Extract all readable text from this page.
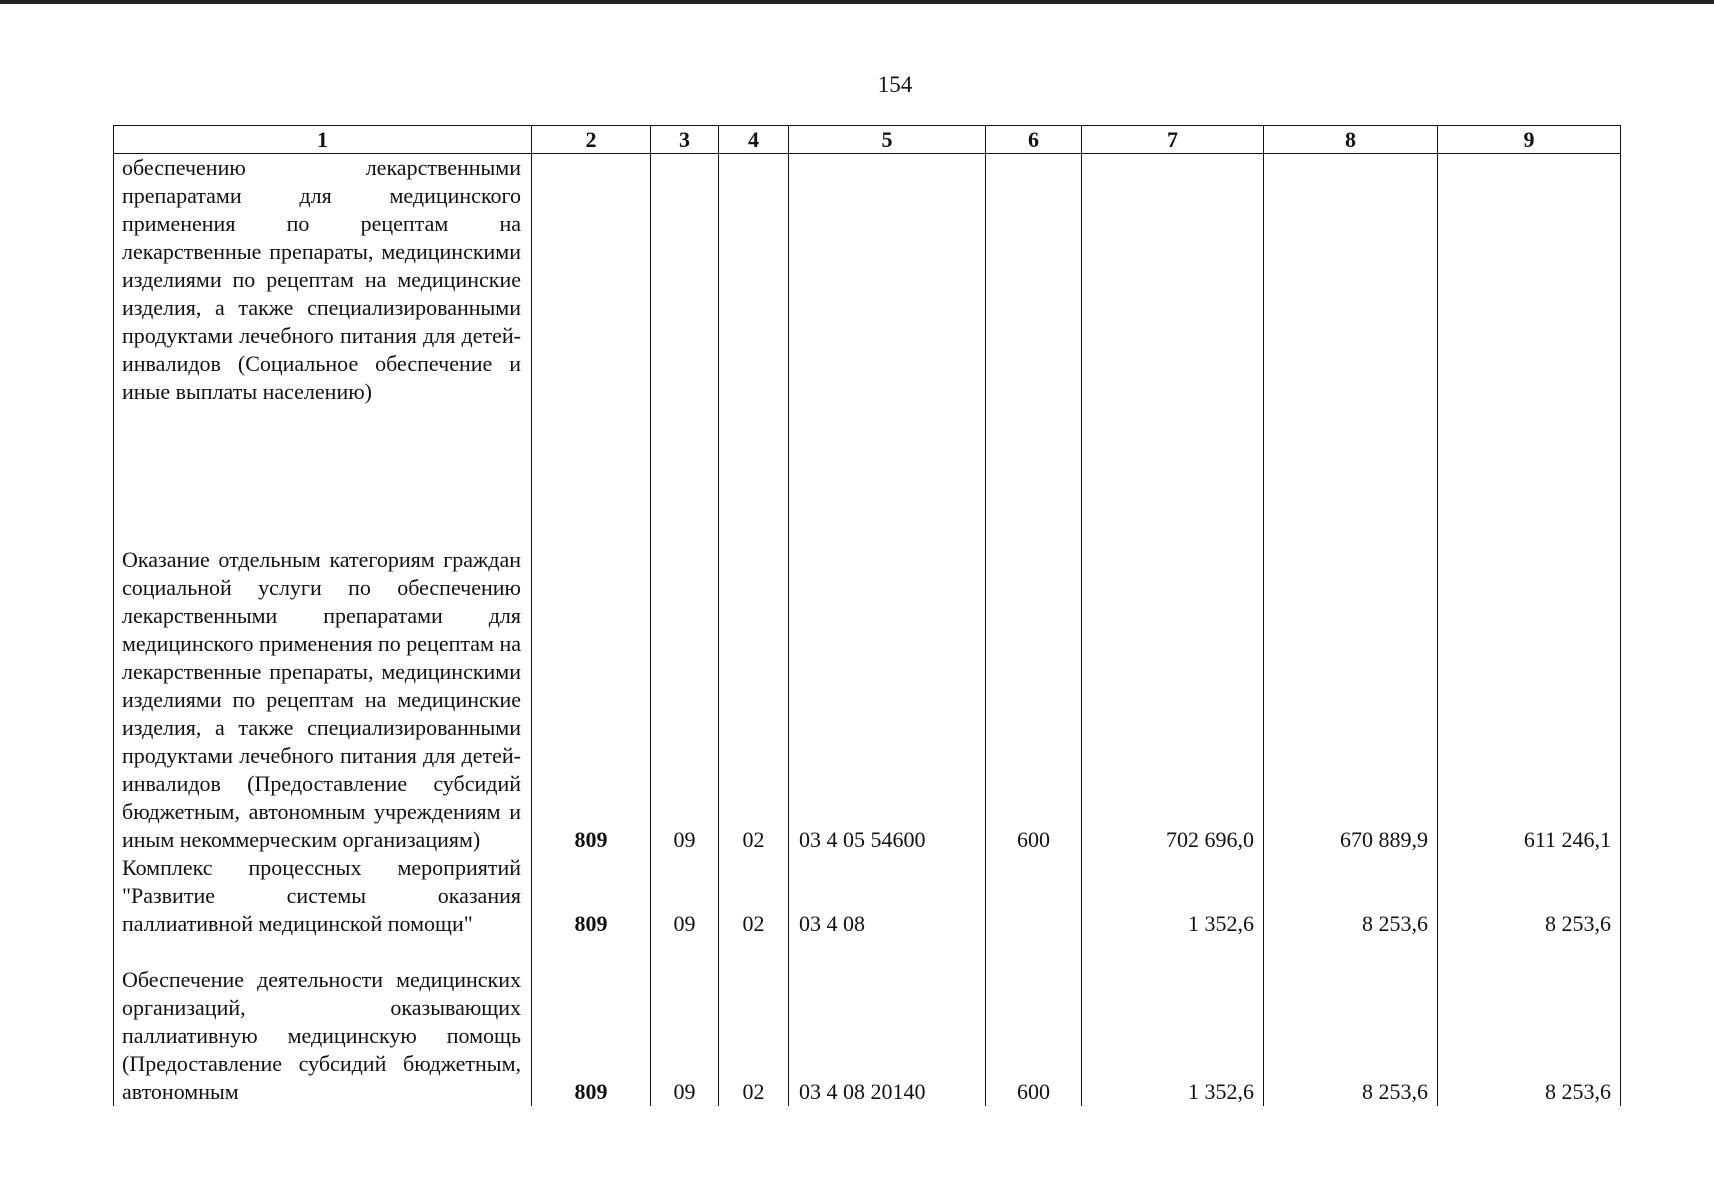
154
1	2	3	4	5	6	7	8	9
обеспечению лекарственными препаратами для медицинского применения по рецептам на лекарственные препараты, медицинскими изделиями по рецептам на медицинские изделия, а также специализированными продуктами лечебного питания для детей-инвалидов (Социальное обеспечение и иные выплаты населению)								
Оказание отдельным категориям граждан социальной услуги по обеспечению лекарственными препаратами для медицинского применения по рецептам на лекарственные препараты, медицинскими изделиями по рецептам на медицинские изделия, а также специализированными продуктами лечебного питания для детей-инвалидов (Предоставление субсидий бюджетным, автономным учреждениям и иным некоммерческим организациям)	809	09	02	03 4 05 54600	600	702 696,0	670 889,9	611 246,1
Комплекс процессных мероприятий "Развитие системы оказания паллиативной медицинской помощи"	809	09	02	03 4 08		1 352,6	8 253,6	8 253,6
Обеспечение деятельности медицинских организаций, оказывающих паллиативную медицинскую помощь (Предоставление субсидий бюджетным, автономным	809	09	02	03 4 08 20140	600	1 352,6	8 253,6	8 253,6
